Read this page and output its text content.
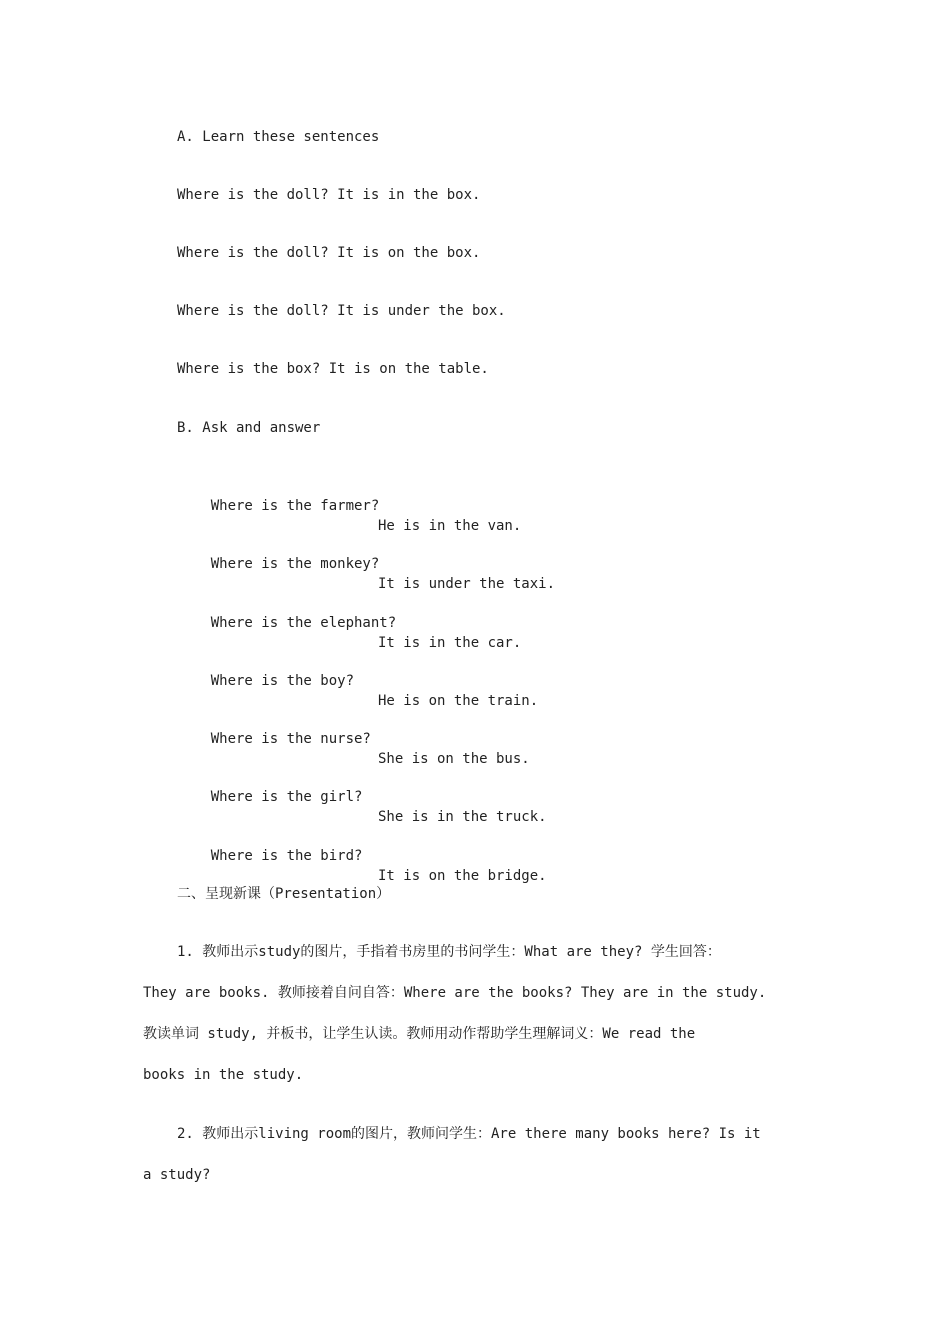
A. Learn these sentences
Where is the doll? It is in the box.
Where is the doll? It is on the box.
Where is the doll? It is under the box.
Where is the box? It is on the table.
B. Ask and answer

Where is the farmer?

He is in the van.

Where is the monkey?

It is under the taxi.

Where is the elephant?

It is in the car.

Where is the boy?

He is on the train.

Where is the nurse?

She is on the bus.

Where is the girl?

She is in the truck.

Where is the bird?

It is on the bridge.

二、呈现新课（Presentation）

1. 教师出示study的图片，手指着书房里的书问学生：What are they? 学生回答：

They are books. 教师接着自问自答：Where are the books? They are in the study.

教读单词 study, 并板书，让学生认读。教师用动作帮助学生理解词义：We read the

books in the study.

2. 教师出示living room的图片，教师问学生：Are there many books here? Is it

a study?
